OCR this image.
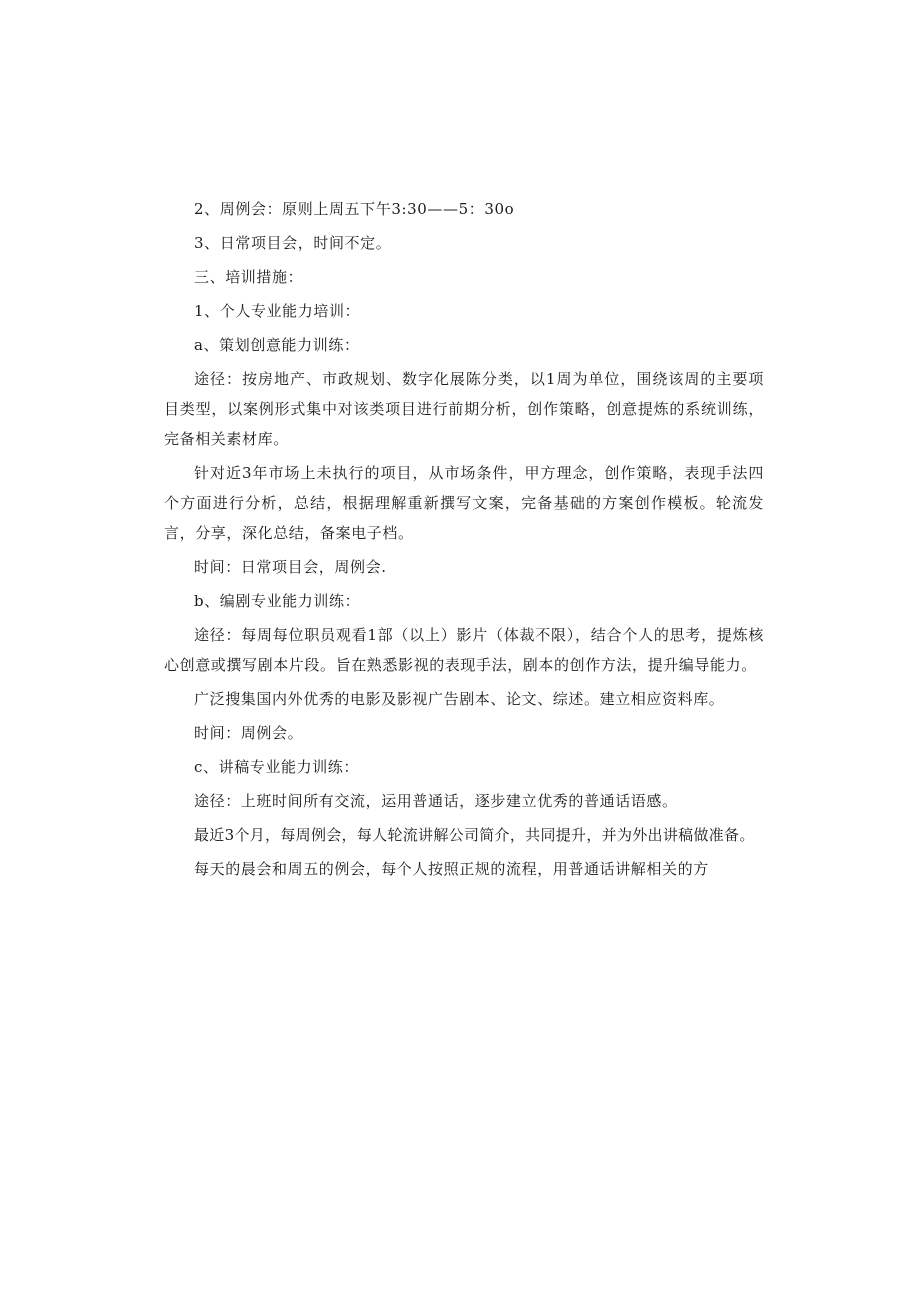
2、周例会：原则上周五下午3:30——5：30o

3、日常项目会，时间不定。

三、培训措施：

1、个人专业能力培训：

a、策划创意能力训练：

途径：按房地产、市政规划、数字化展陈分类，以1周为单位，围绕该周的主要项目类型，以案例形式集中对该类项目进行前期分析，创作策略，创意提炼的系统训练，完备相关素材库。

针对近3年市场上未执行的项目，从市场条件，甲方理念，创作策略，表现手法四个方面进行分析，总结，根据理解重新撰写文案，完备基础的方案创作模板。轮流发言，分享，深化总结，备案电子档。

时间：日常项目会，周例会.

b、编剧专业能力训练：

途径：每周每位职员观看1部（以上）影片（体裁不限），结合个人的思考，提炼核心创意或撰写剧本片段。旨在熟悉影视的表现手法，剧本的创作方法，提升编导能力。

广泛搜集国内外优秀的电影及影视广告剧本、论文、综述。建立相应资料库。

时间：周例会。

c、讲稿专业能力训练：

途径：上班时间所有交流，运用普通话，逐步建立优秀的普通话语感。

最近3个月，每周例会，每人轮流讲解公司简介，共同提升，并为外出讲稿做准备。

每天的晨会和周五的例会，每个人按照正规的流程，用普通话讲解相关的方
